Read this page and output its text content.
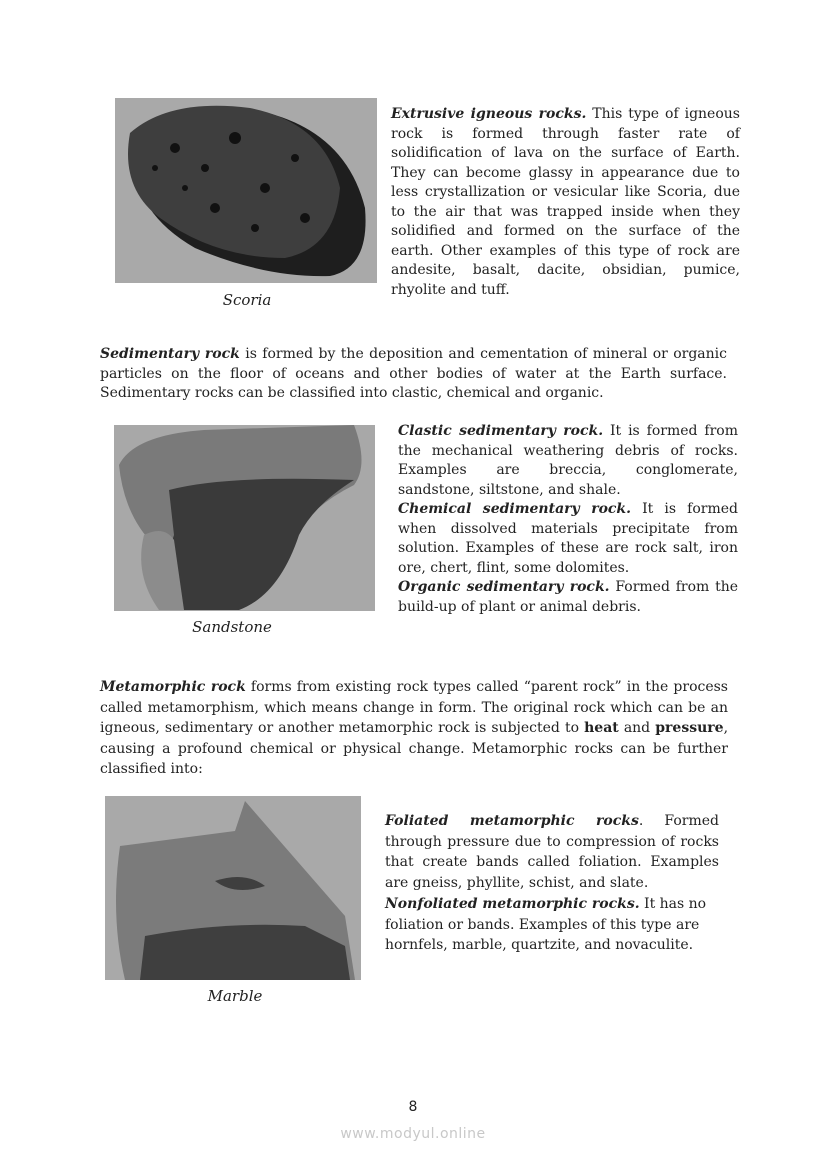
Scoria
Extrusive igneous rocks. This type of igneous rock is formed through faster rate of solidification of lava on the surface of Earth. They can become glassy in appearance due to less crystallization or vesicular like Scoria, due to the air that was trapped inside when they solidified and formed on the surface of the earth. Other examples of this type of rock are andesite, basalt, dacite, obsidian, pumice, rhyolite and tuff.
Sedimentary rock is formed by the deposition and cementation of mineral or organic particles on the floor of oceans and other bodies of water at the Earth surface. Sedimentary rocks can be classified into clastic, chemical and organic.
Sandstone
Clastic sedimentary rock. It is formed from the mechanical weathering debris of rocks. Examples are breccia, conglomerate, sandstone, siltstone, and shale.
Chemical sedimentary rock. It is formed when dissolved materials precipitate from solution. Examples of these are rock salt, iron ore, chert, flint, some dolomites.
Organic sedimentary rock. Formed from the build-up of plant or animal debris.
Metamorphic rock forms from existing rock types called “parent rock” in the process called metamorphism, which means change in form. The original rock which can be an igneous, sedimentary or another metamorphic rock is subjected to heat and pressure, causing a profound chemical or physical change. Metamorphic rocks can be further classified into:
Marble
Foliated metamorphic rocks. Formed through pressure due to compression of rocks that create bands called foliation. Examples are gneiss, phyllite, schist, and slate.
Nonfoliated metamorphic rocks. It has no foliation or bands. Examples of this type are hornfels, marble, quartzite, and novaculite.
8
www.modyul.online
